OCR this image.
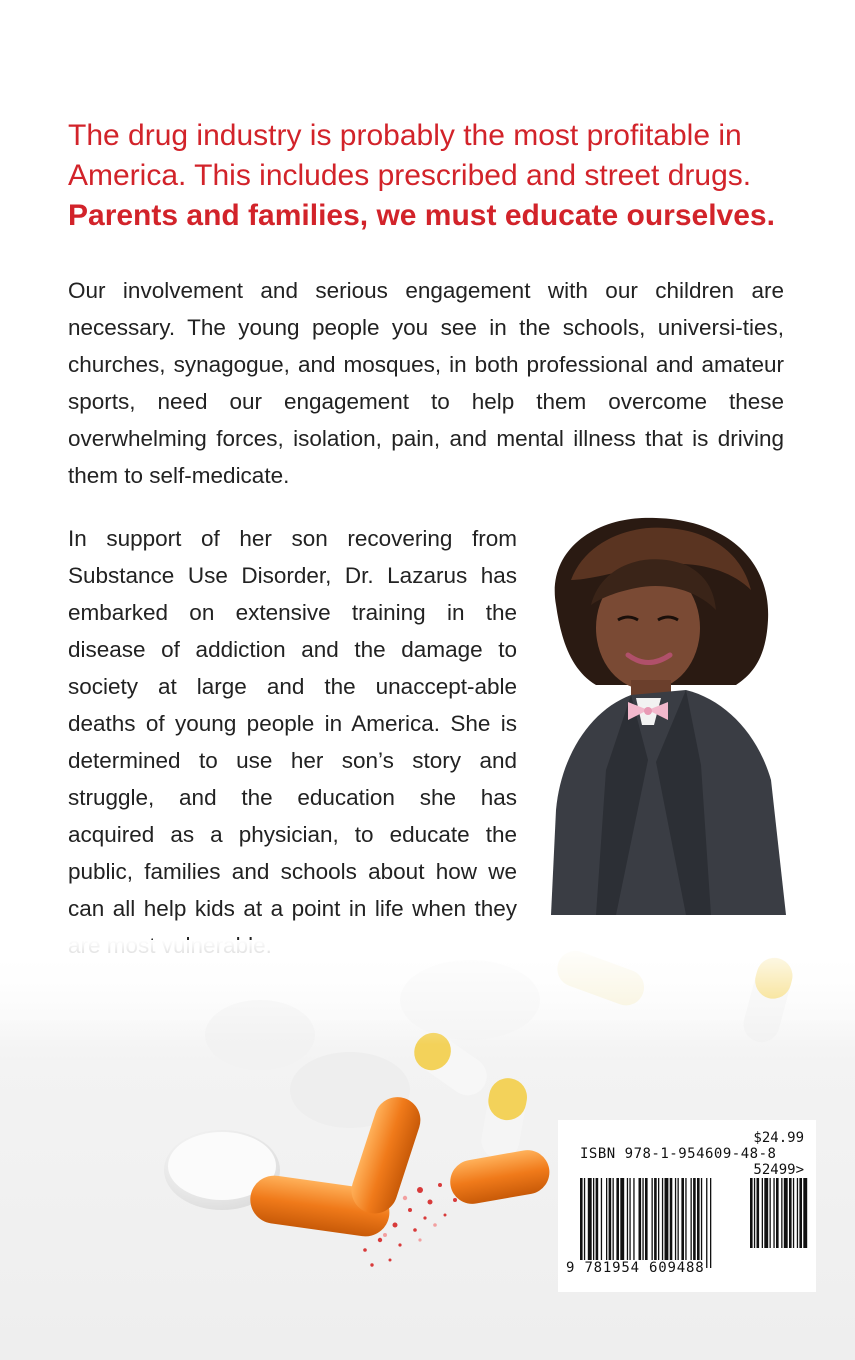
The drug industry is probably the most profitable in
America. This includes prescribed and street drugs.
Parents and families, we must educate ourselves.

Our involvement and serious engagement with our children are necessary. The young people you see in the schools, universi-ties, churches, synagogue, and mosques, in both professional and amateur sports, need our engagement to help them overcome these overwhelming forces, isolation, pain, and mental illness that is driving them to self-medicate.

In support of her son recovering from Substance Use Disorder, Dr. Lazarus has embarked on extensive training in the disease of addiction and the damage to society at large and the unaccept-able deaths of young people in America. She is determined to use her son’s story and struggle, and the education she has acquired as a physician, to educate the public, families and schools about how we can all help kids at a point in life when they

$24.99

ISBN 978-1-954609-48-8

52499>

9 781954 609488
